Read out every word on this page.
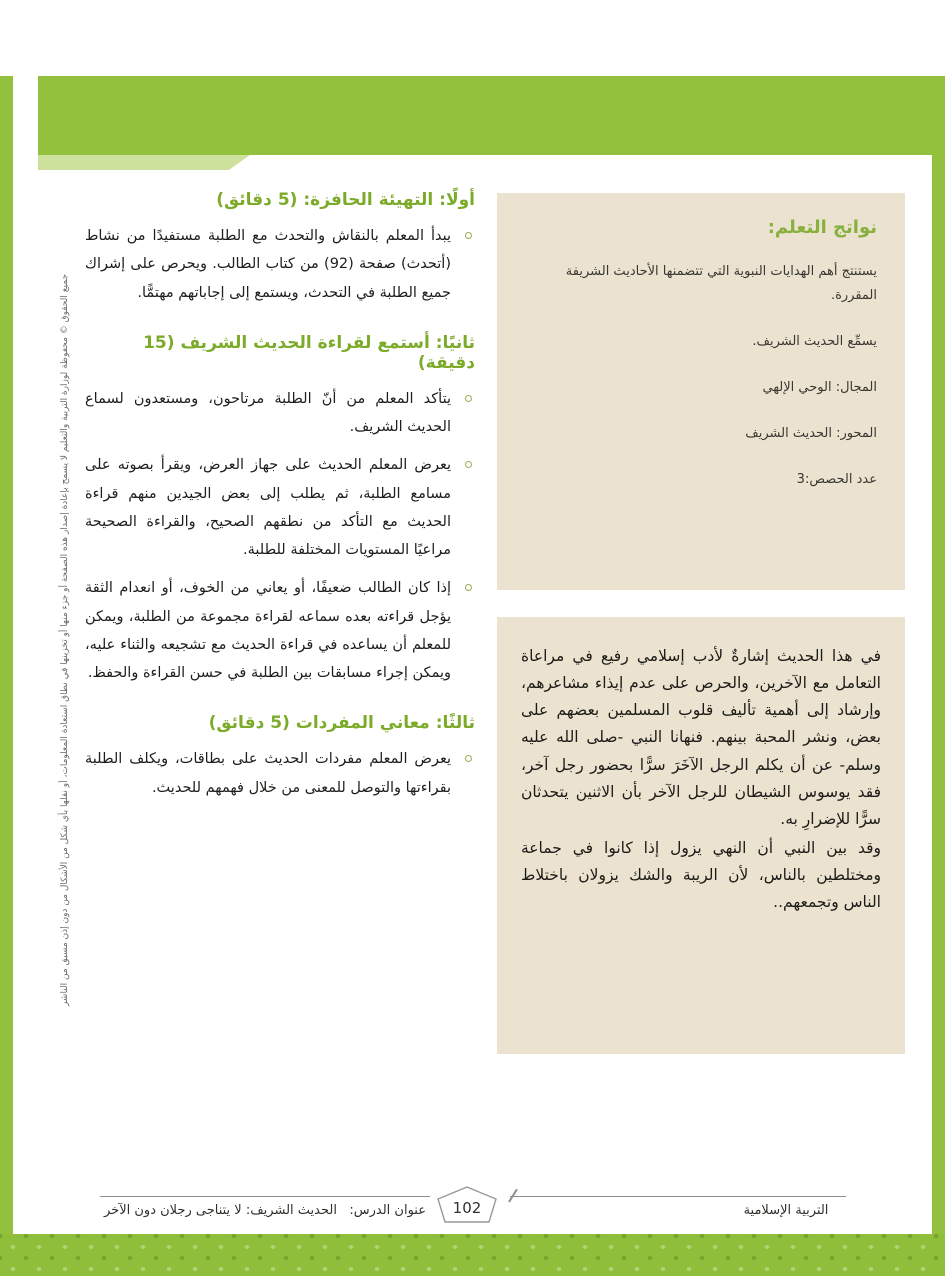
جميع الحقوق © محفوظة لوزارة التربية والتعليم لا يسمح بإعادة إصدار هذه الصفحة أو جزء منها أو تخزينها في نطاق استعادة المعلومات، أو نقلها بأي شكل من الأشكال من دون إذن مسبق من الناشر
نواتج التعلم:
يستنتج أهم الهدايات النبوية التي تتضمنها الأحاديث الشريفة المقررة.
يسمِّع الحديث الشريف.
المجال: الوحي الإلهي
المحور: الحديث الشريف
عدد الحصص:3

في هذا الحديث إشارةٌ لأدب إسلامي رفيع في مراعاة التعامل مع الآخرين، والحرص على عدم إيذاء مشاعرهم، وإرشاد إلى أهمية تأليف قلوب المسلمين بعضهم على بعض، ونشر المحبة بينهم. فنهانا النبي -صلى الله عليه وسلم- عن أن يكلم الرجل الآخَرَ سرًّا بحضور رجل آخر، فقد يوسوس الشيطان للرجل الآخر بأن الاثنين يتحدثان سرًّا للإضرارِ به.

وقد بين النبي أن النهي يزول إذا كانوا في جماعة ومختلطين بالناس، لأن الريبة والشك يزولان باختلاط الناس وتجمعهم..

أولًا: التهيئة الحافزة: (5 دقائق)
يبدأ المعلم بالنقاش والتحدث مع الطلبة مستفيدًا من نشاط (أتحدث) صفحة (92) من كتاب الطالب. ويحرص على إشراك جميع الطلبة في التحدث، ويستمع إلى إجاباتهم مهتمًّا.
ثانيًا: أستمع لقراءة الحديث الشريف (15 دقيقة)
يتأكد المعلم من أنّ الطلبة مرتاحون، ومستعدون لسماع الحديث الشريف.
يعرض المعلم الحديث على جهاز العرض، ويقرأ بصوته على مسامع الطلبة، ثم يطلب إلى بعض الجيدين منهم قراءة الحديث مع التأكد من نطقهم الصحيح، والقراءة الصحيحة مراعيًا المستويات المختلفة للطلبة.
إذا كان الطالب ضعيفًا، أو يعاني من الخوف، أو انعدام الثقة يؤجل قراءته بعده سماعه لقراءة مجموعة من الطلبة، ويمكن للمعلم أن يساعده في قراءة الحديث مع تشجيعه والثناء عليه، ويمكن إجراء مسابقات بين الطلبة في حسن القراءة والحفظ.
ثالثًا: معاني المفردات (5 دقائق)
يعرض المعلم مفردات الحديث على بطاقات، ويكلف الطلبة بقراءتها والتوصل للمعنى من خلال فهمهم للحديث.
102
عنوان الدرس:   الحديث الشريف: لا يتناجى رجلان دون الآخر	التربية الإسلامية
